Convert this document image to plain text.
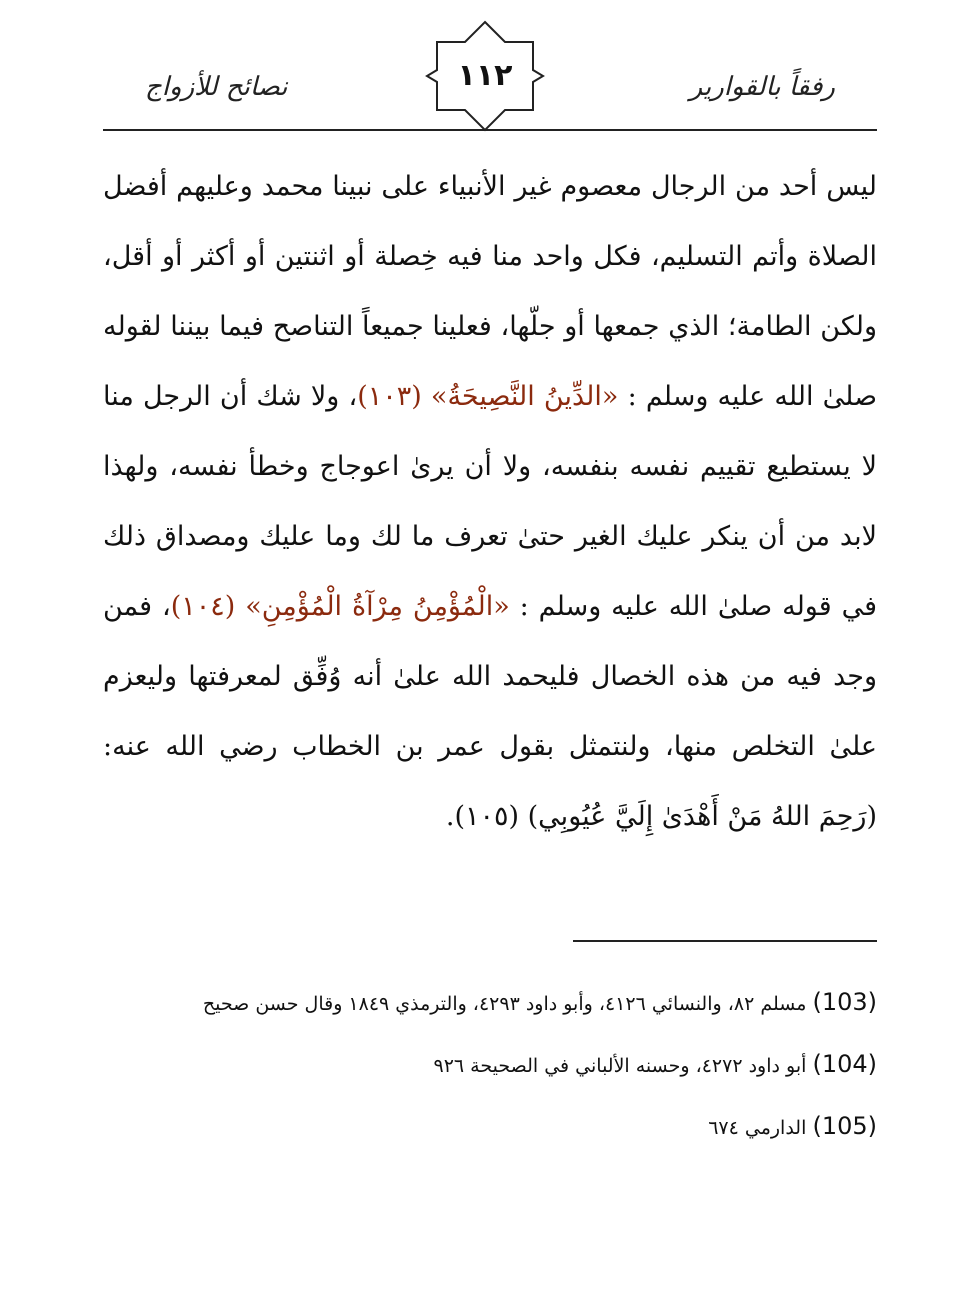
نصائح للأزواج	١١٢	رفقاً بالقوارير

ليس أحد من الرجال معصوم غير الأنبياء على نبينا محمد وعليهم أفضل الصلاة وأتم التسليم، فكل واحد منا فيه خِصلة أو اثنتين أو أكثر أو أقل، ولكن الطامة؛ الذي جمعها أو جلّها، فعلينا جميعاً التناصح فيما بيننا لقوله صلىٰ الله عليه وسلم : «الدِّينُ النَّصِيحَةُ» (١٠٣)، ولا شك أن الرجل منا لا يستطيع تقييم نفسه بنفسه، ولا أن يرىٰ اعوجاج وخطأ نفسه، ولهذا لابد من أن ينكر عليك الغير حتىٰ تعرف ما لك وما عليك ومصداق ذلك في قوله صلىٰ الله عليه وسلم : «الْمُؤْمِنُ مِرْآةُ الْمُؤْمِنِ» (١٠٤)، فمن وجد فيه من هذه الخصال فليحمد الله علىٰ أنه وُفِّق لمعرفتها وليعزم علىٰ التخلص منها، ولنتمثل بقول عمر بن الخطاب رضي الله عنه: (رَحِمَ اللهُ مَنْ أَهْدَىٰ إِلَيَّ عُيُوبِي) (١٠٥).

(103) مسلم ٨٢، والنسائي ٤١٢٦، وأبو داود ٤٢٩٣، والترمذي ١٨٤٩ وقال حسن صحيح

(104) أبو داود ٤٢٧٢، وحسنه الألباني في الصحيحة ٩٢٦

(105) الدارمي ٦٧٤
